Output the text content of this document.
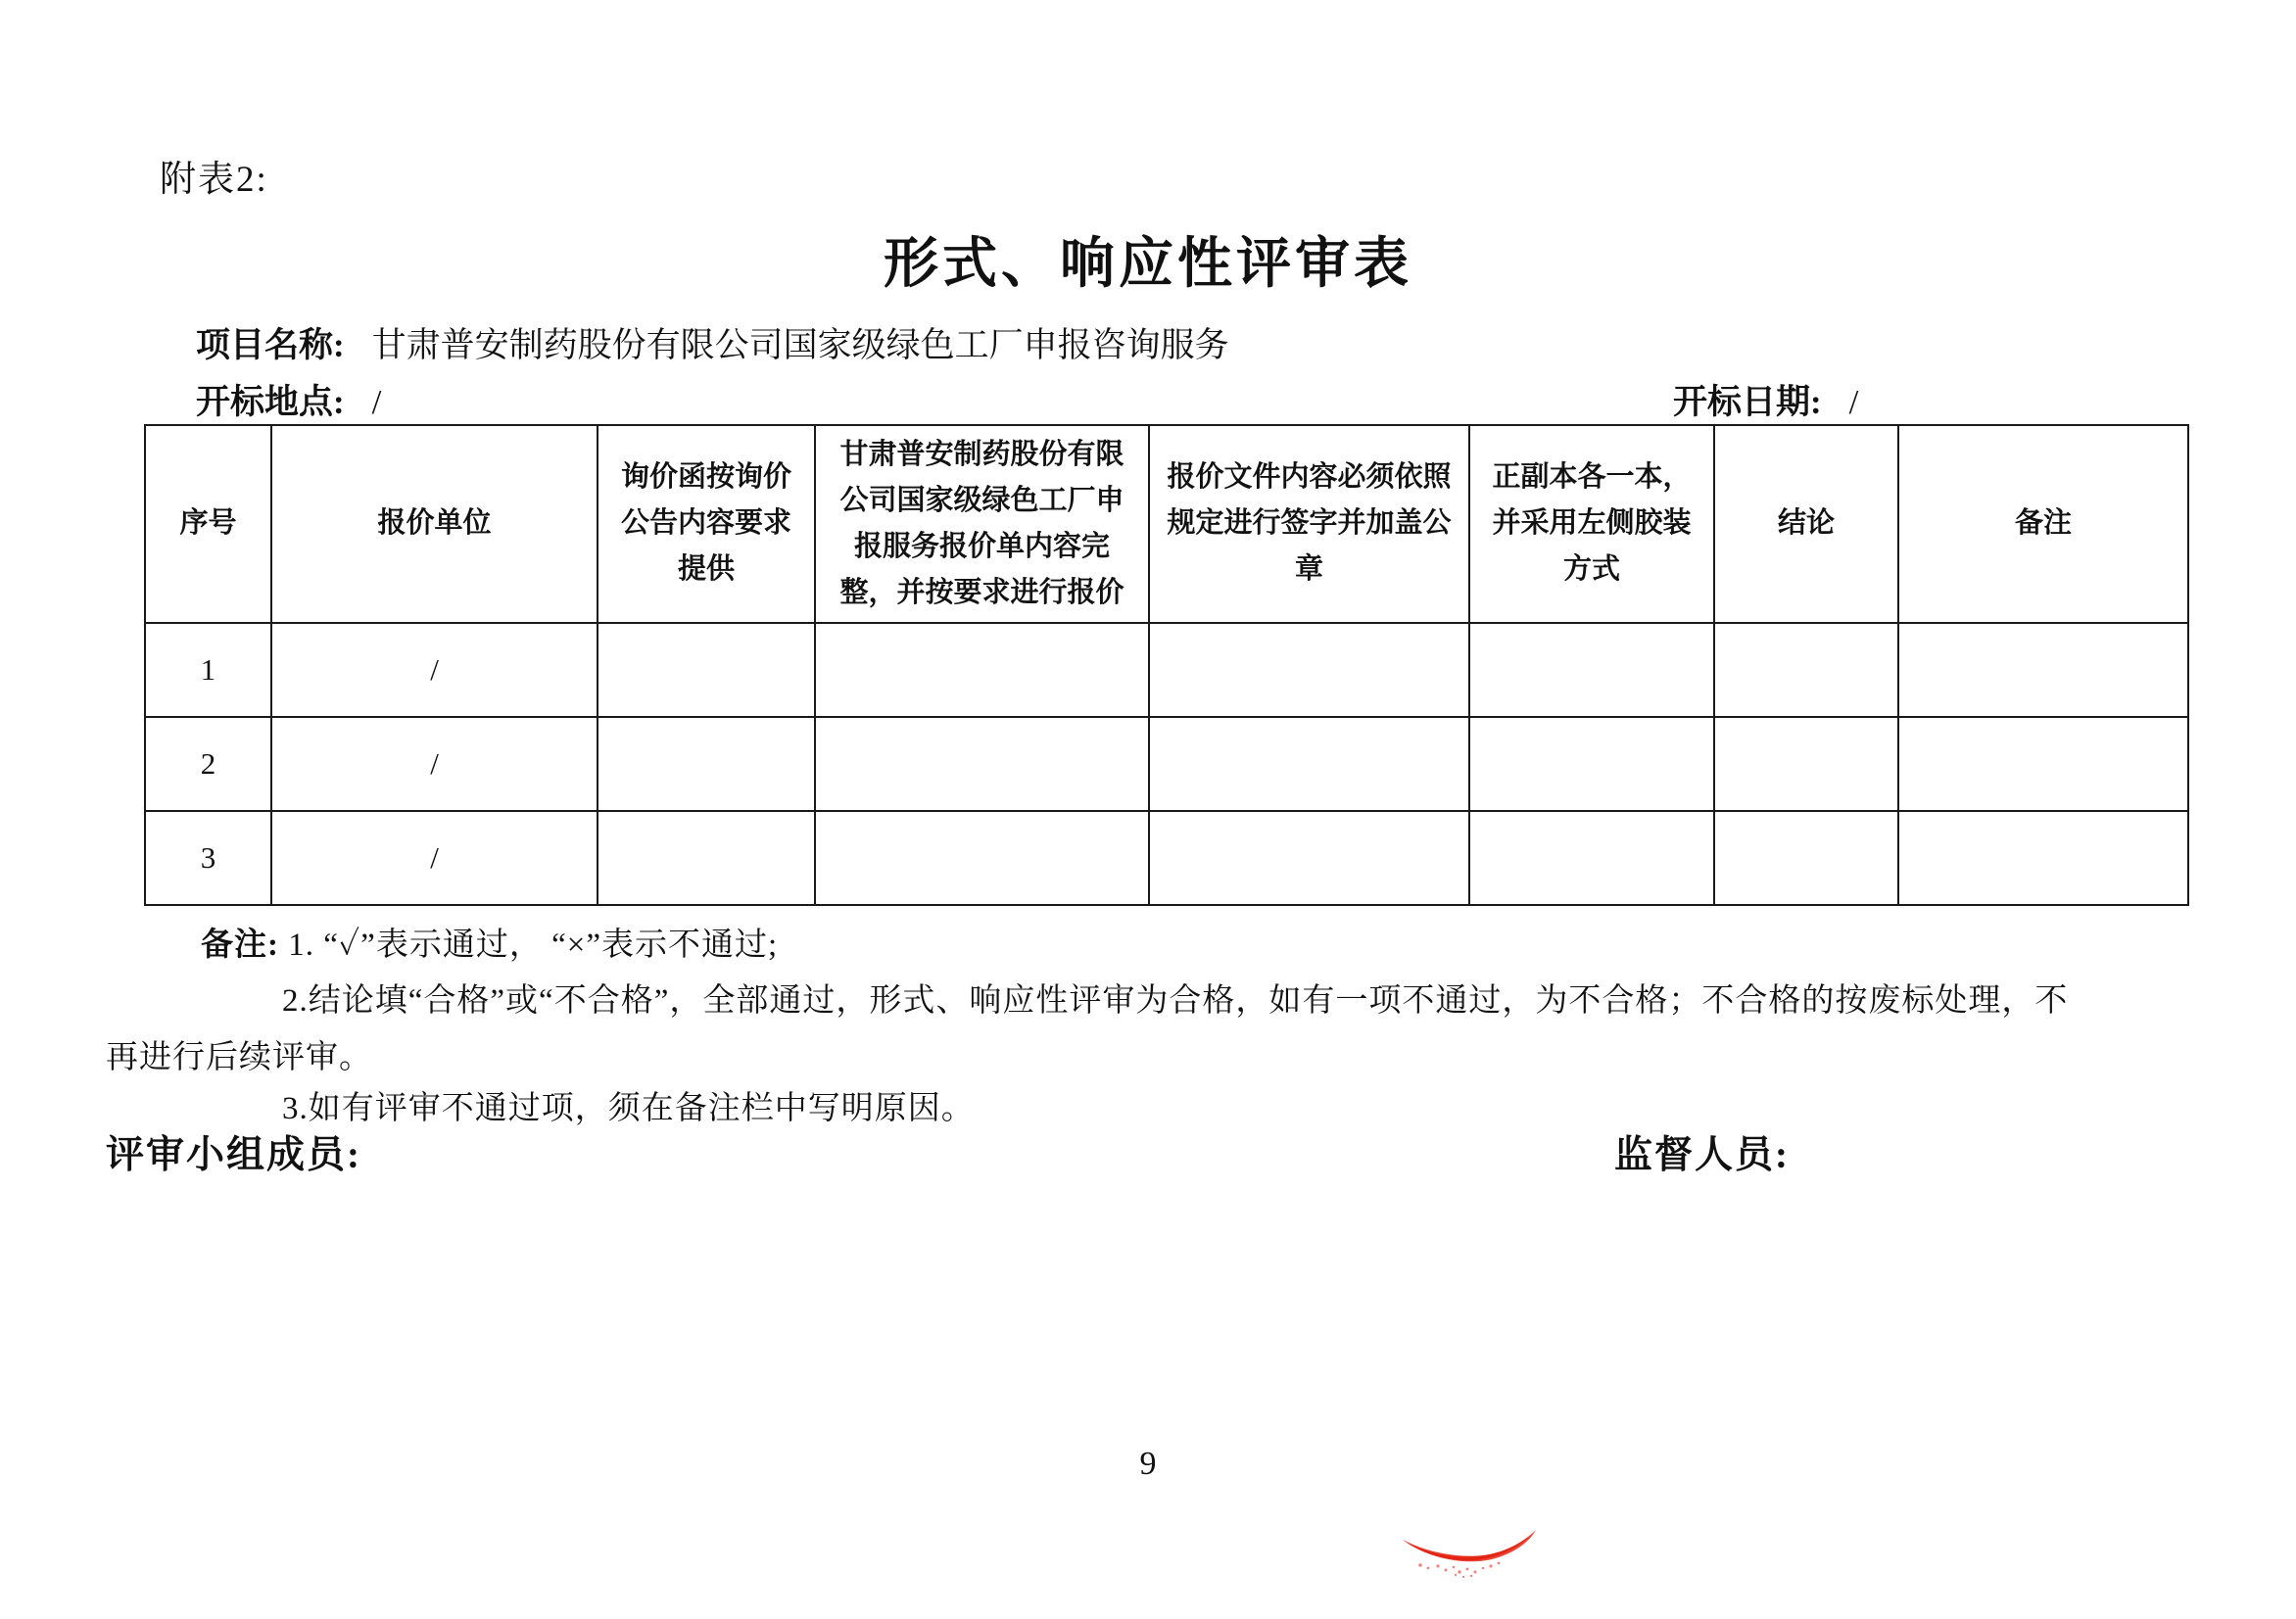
附表2:
形式、响应性评审表
项目名称: 甘肃普安制药股份有限公司国家级绿色工厂申报咨询服务
开标地点: /	开标日期: /
序号	报价单位	询价函按询价公告内容要求提供	甘肃普安制药股份有限公司国家级绿色工厂申报服务报价单内容完整，并按要求进行报价	报价文件内容必须依照规定进行签字并加盖公章	正副本各一本，并采用左侧胶装方式	结论	备注
1	/						
2	/						
3	/						
备注: 1. “✓”表示通过， “×”表示不通过;
2.结论填“合格”或“不合格”，全部通过，形式、响应性评审为合格，如有一项不通过，为不合格；不合格的按废标处理，不
再进行后续评审。
3.如有评审不通过项，须在备注栏中写明原因。
评审小组成员:	监督人员:
9
